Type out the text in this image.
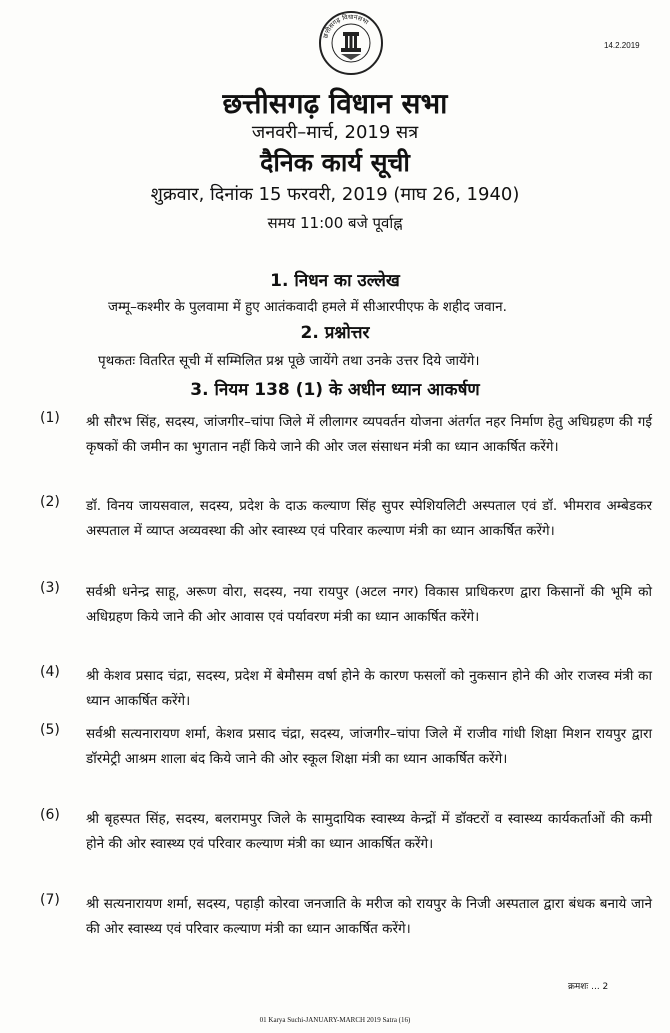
छत्तीसगढ़ विधानसभा
14.2.2019
छत्तीसगढ़ विधान सभा
जनवरी–मार्च, 2019 सत्र
दैनिक कार्य सूची
शुक्रवार, दिनांक 15 फरवरी, 2019 (माघ 26, 1940)
समय 11:00 बजे पूर्वाह्न
1. निधन का उल्लेख
जम्मू–कश्मीर के पुलवामा में हुए आतंकवादी हमले में सीआरपीएफ के शहीद जवान.
2. प्रश्नोत्तर
पृथकतः वितरित सूची में सम्मिलित प्रश्न पूछे जायेंगे तथा उनके उत्तर दिये जायेंगे।
3. नियम 138 (1) के अधीन ध्यान आकर्षण
(1) श्री सौरभ सिंह, सदस्य, जांजगीर–चांपा जिले में लीलागर व्यपवर्तन योजना अंतर्गत नहर निर्माण हेतु अधिग्रहण की गई कृषकों की जमीन का भुगतान नहीं किये जाने की ओर जल संसाधन मंत्री का ध्यान आकर्षित करेंगे।
(2) डॉ. विनय जायसवाल, सदस्य, प्रदेश के दाऊ कल्याण सिंह सुपर स्पेशियलिटी अस्पताल एवं डॉ. भीमराव अम्बेडकर अस्पताल में व्याप्त अव्यवस्था की ओर स्वास्थ्य एवं परिवार कल्याण मंत्री का ध्यान आकर्षित करेंगे।
(3) सर्वश्री धनेन्द्र साहू, अरूण वोरा, सदस्य, नया रायपुर (अटल नगर) विकास प्राधिकरण द्वारा किसानों की भूमि को अधिग्रहण किये जाने की ओर आवास एवं पर्यावरण मंत्री का ध्यान आकर्षित करेंगे।
(4) श्री केशव प्रसाद चंद्रा, सदस्य, प्रदेश में बेमौसम वर्षा होने के कारण फसलों को नुकसान होने की ओर राजस्व मंत्री का ध्यान आकर्षित करेंगे।
(5) सर्वश्री सत्यनारायण शर्मा, केशव प्रसाद चंद्रा, सदस्य, जांजगीर–चांपा जिले में राजीव गांधी शिक्षा मिशन रायपुर द्वारा डॉरमेट्री आश्रम शाला बंद किये जाने की ओर स्कूल शिक्षा मंत्री का ध्यान आकर्षित करेंगे।
(6) श्री बृहस्पत सिंह, सदस्य, बलरामपुर जिले के सामुदायिक स्वास्थ्य केन्द्रों में डॉक्टरों व स्वास्थ्य कार्यकर्ताओं की कमी होने की ओर स्वास्थ्य एवं परिवार कल्याण मंत्री का ध्यान आकर्षित करेंगे।
(7) श्री सत्यनारायण शर्मा, सदस्य, पहाड़ी कोरवा जनजाति के मरीज को रायपुर के निजी अस्पताल द्वारा बंधक बनाये जाने की ओर स्वास्थ्य एवं परिवार कल्याण मंत्री का ध्यान आकर्षित करेंगे।
क्रमशः ... 2
01 Karya Suchi-JANUARY-MARCH 2019 Satra (16)
